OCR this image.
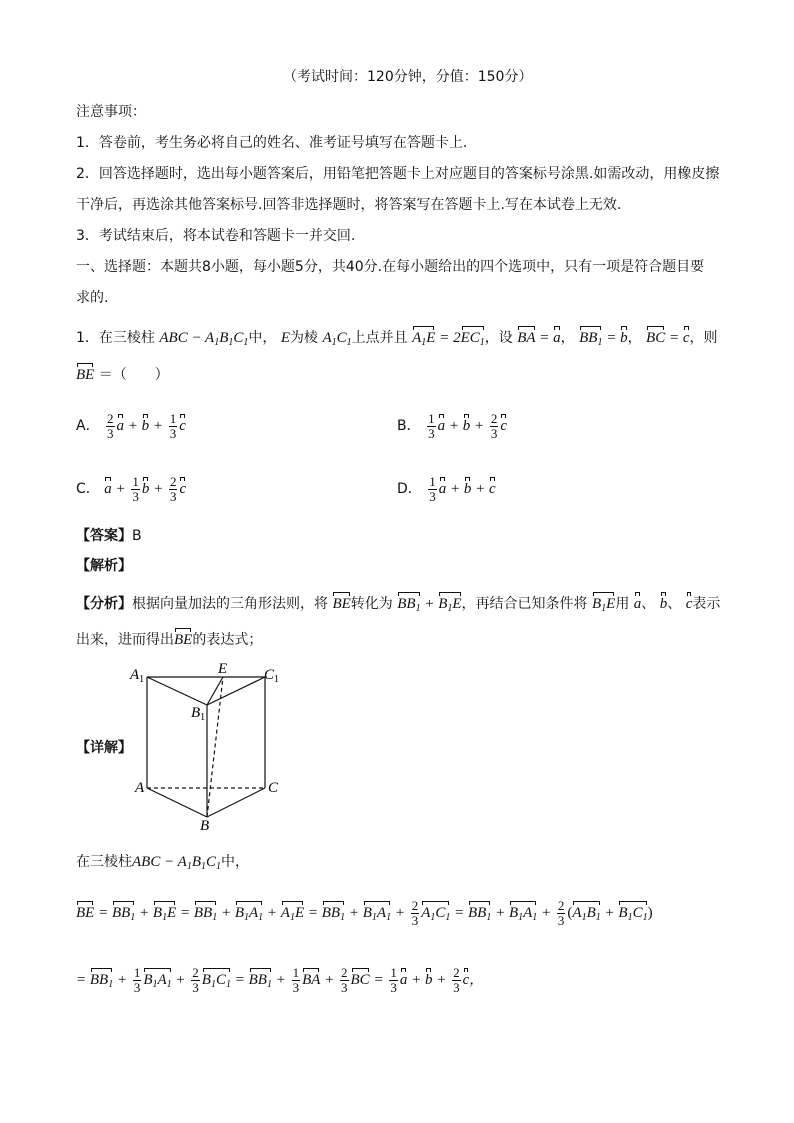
（考试时间：120分钟，分值：150分）
注意事项：
1．答卷前，考生务必将自己的姓名、准考证号填写在答题卡上.
2．回答选择题时，选出每小题答案后，用铅笔把答题卡上对应题目的答案标号涂黑.如需改动，用橡皮擦
干净后，再选涂其他答案标号.回答非选择题时，将答案写在答题卡上.写在本试卷上无效.
3．考试结束后，将本试卷和答题卡一并交回.
一、选择题：本题共8小题，每小题5分，共40分.在每小题给出的四个选项中，只有一项是符合题目要
求的.
1．在三棱柱 ABC − $A_1B_1C_1$中， E为棱 $A_1C_1$上点并且 $A_1E = 2EC_1$，设 BA = a， $BB_1 = b$， BC = c，则
BE ＝（　　）
A． $\frac{2}{3}$ $a + b + \frac{1}{3}$ c	B． $\frac{1}{3}$ $a + b + \frac{2}{3}$ c
C． $a + \frac{1}{3}$ $b + \frac{2}{3}$ c	D． $\frac{1}{3}$ a + b + c
【答案】B
【解析】
【分析】根据向量加法的三角形法则，将 BE转化为 $BB_1 + B_1E$，再结合已知条件将 $B_1E$用 a、 b、 c表示
出来，进而得出BE的表达式；
【详解】
$A_1$
E $C_1$
$B_1$
A	C
B
在三棱柱ABC − $A_1B_1C_1$中，
BE = $BB_1 + B_1E = BB_1 + B_1A_1 + A_1E = BB_1 + B_1A_1 + \frac{2}{3} A_1C_1 = BB_1 + B_1A_1 + \frac{2}{3} (A_1B_1 + B_1C_1)$
= $BB_1 + \frac{1}{3} B_1A_1 + \frac{2}{3} B_1C_1 = BB_1 + \frac{1}{3}$ BA + $\frac{2}{3}$ BC = $\frac{1}{3}$ $a + b + \frac{2}{3}$ c，
